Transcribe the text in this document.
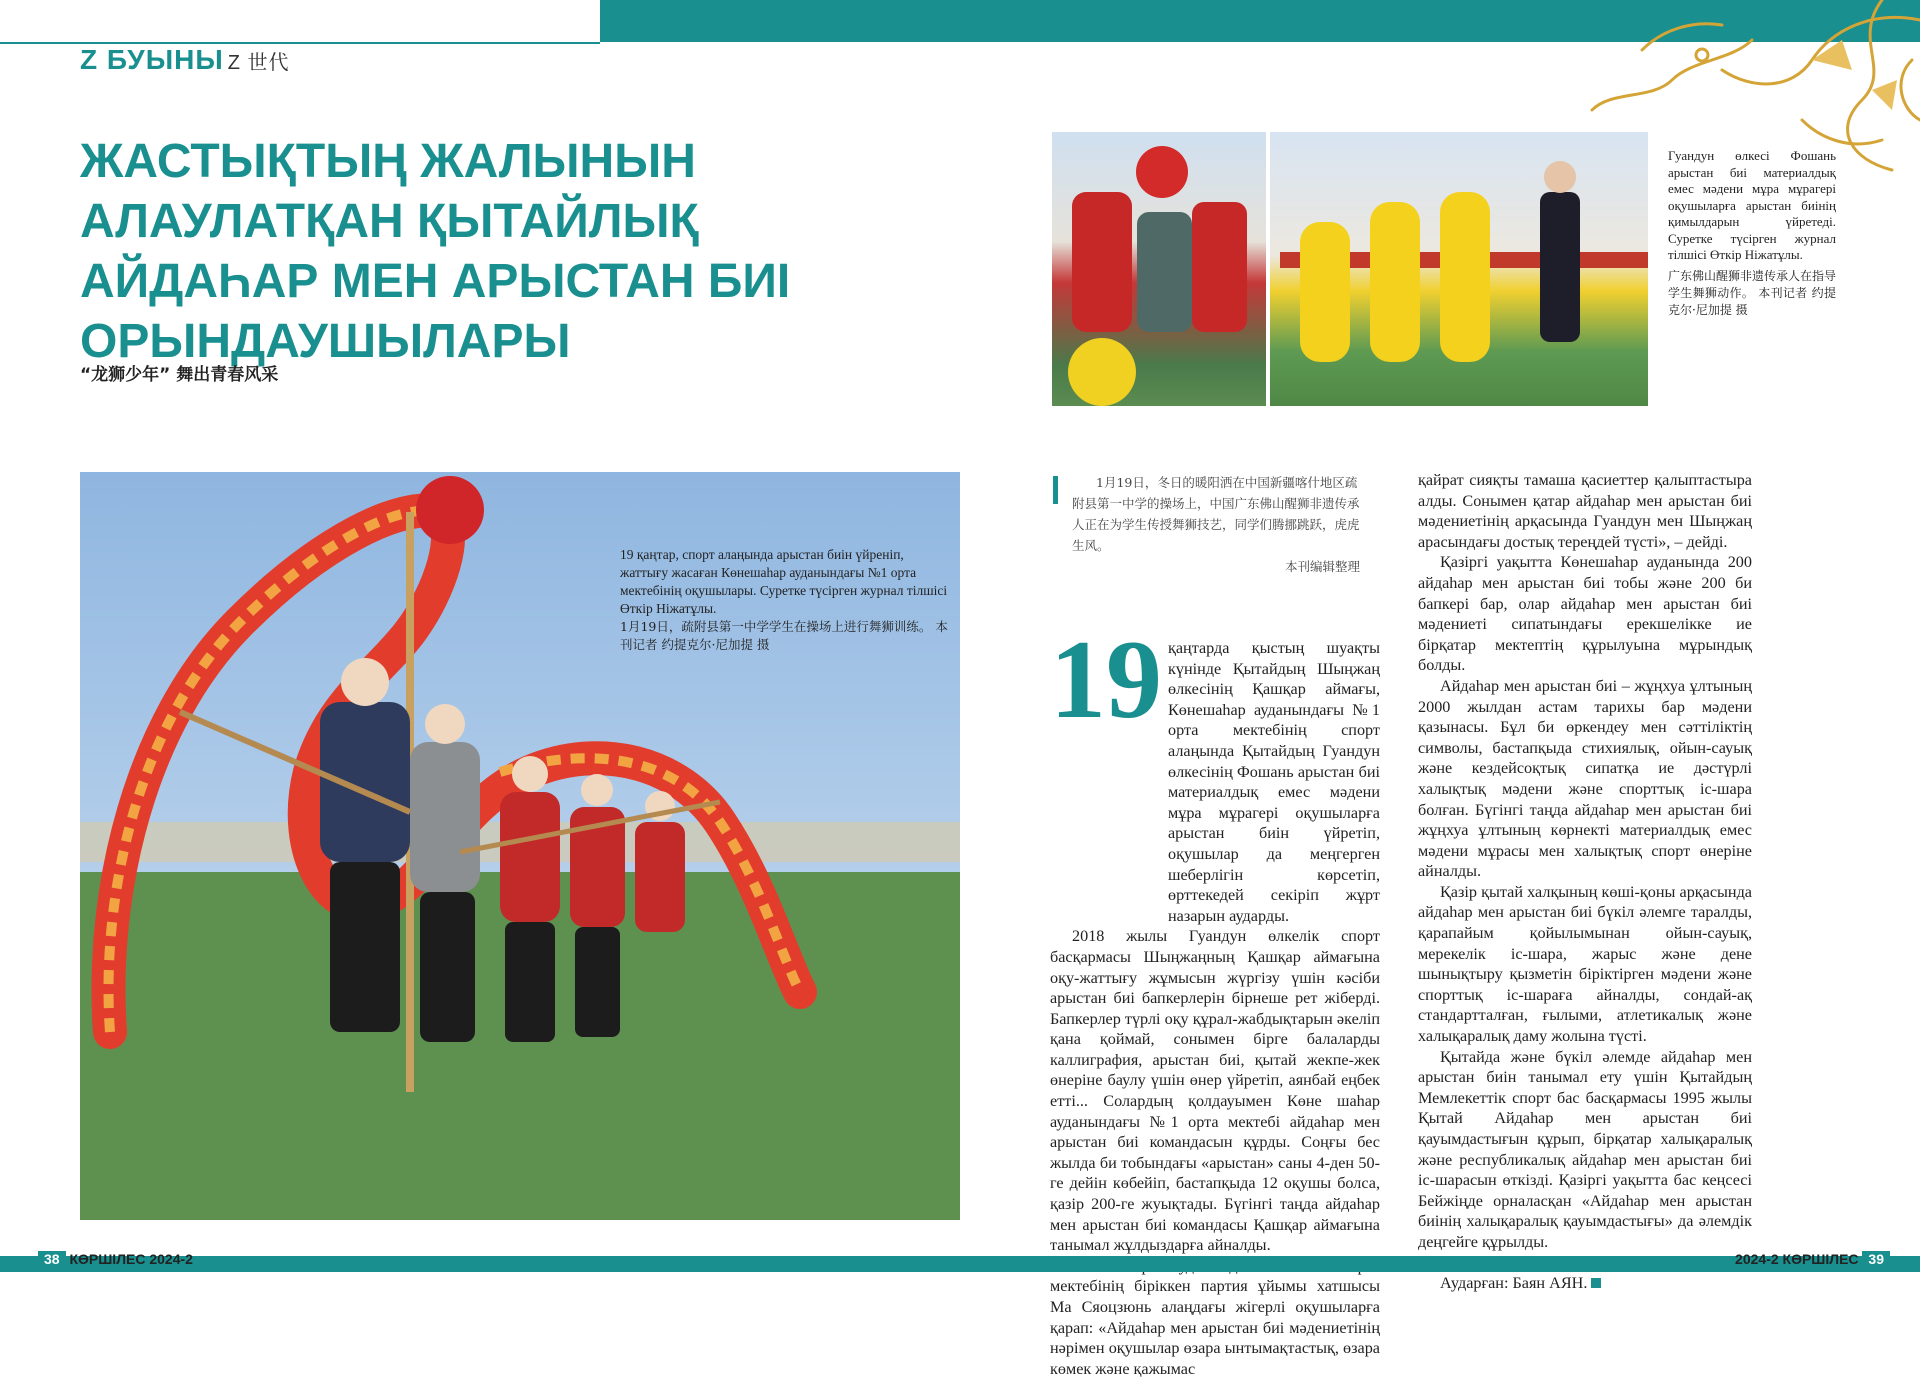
Z БУЫНЫ Z 世代
ЖАСТЫҚТЫҢ ЖАЛЫНЫН
АЛАУЛАТҚАН ҚЫТАЙЛЫҚ
АЙДАҺАР МЕН АРЫСТАН БИІ
ОРЫНДАУШЫЛАРЫ
“龙狮少年” 舞出青春风采
19 қаңтар, спорт алаңында арыстан биін үйреніп, жаттығу жасаған Көнешаһар ауданындағы №1 орта мектебінің оқушылары. Суретке түсірген журнал тілшісі Өткір Ніжатұлы.
1月19日，疏附县第一中学学生在操场上进行舞狮训练。 本刊记者 约提克尔·尼加提 摄
Гуандун өлкесі Фошань арыстан биі материалдық емес мәдени мұра мұрагері оқушыларға арыстан биінің қимылдарын үйретеді. Суретке түсірген журнал тілшісі Өткір Ніжатұлы.
广东佛山醒狮非遗传承人在指导学生舞狮动作。 本刊记者 约提克尔·尼加提 摄
1月19日，冬日的暖阳洒在中国新疆喀什地区疏附县第一中学的操场上，中国广东佛山醒狮非遗传承人正在为学生传授舞狮技艺，同学们腾挪跳跃，虎虎生风。
本刊编辑整理
19 қаңтарда қыстың шуақты күнінде Қытайдың Шыңжаң өлкесінің Қашқар аймағы, Көнешаһар ауданындағы №1 орта мектебінің спорт алаңында Қытайдың Гуандун өлкесінің Фошань арыстан биі материалдық емес мәдени мұра мұрагері оқушыларға арыстан биін үйретіп, оқушылар да меңгерген шеберлігін көрсетіп, өрттекедей секіріп жұрт назарын аударды.

2018 жылы Гуандун өлкелік спорт басқармасы Шыңжаңның Қашқар аймағына оқу-жаттығу жұмысын жүргізу үшін кәсіби арыстан биі бапкерлерін бірнеше рет жіберді. Бапкерлер түрлі оқу құрал-жабдықтарын әкеліп қана қоймай, сонымен бірге балаларды каллиграфия, арыстан биі, қытай жекпе-жек өнеріне баулу үшін өнер үйретіп, аянбай еңбек етті... Солардың қолдауымен Көне шаһар ауданындағы №1 орта мектебі айдаһар мен арыстан биі командасын құрды. Соңғы бес жылда би тобындағы «арыстан» саны 4-ден 50-ге дейін көбейіп, бастапқыда 12 оқушы болса, қазір 200-ге жуықтады. Бүгінгі таңда айдаһар мен арыстан биі командасы Қашқар аймағына танымал жұлдыздарға айналды.

мектебінің біріккен партия ұйымы хатшысы Ма Сяоцзюнь алаңдағы жігерлі оқушыларға қарап: «Айдаһар мен арыстан биі мәдениетінің нәрімен оқушылар өзара ынтымақтастық, өзара көмек және қажымас

қайрат сияқты тамаша қасиеттер қалыптастыра алды. Сонымен қатар айдаһар мен арыстан биі мәдениетінің арқасында Гуандун мен Шыңжаң арасындағы достық тереңдей түсті», – дейді.

Қазіргі уақытта Көнешаһар ауданында 200 айдаһар мен арыстан биі тобы және 200 би бапкері бар, олар айдаһар мен арыстан биі мәдениеті сипатындағы ерекшелікке ие бірқатар мектептің құрылуына мұрындық болды.

Айдаһар мен арыстан биі – жұңхуа ұлтының 2000 жылдан астам тарихы бар мәдени қазынасы. Бұл би өркендеу мен сәттіліктің символы, бастапқыда стихиялық, ойын-сауық және кездейсоқтық сипатқа ие дәстүрлі халықтық мәдени және спорттық іс-шара болған. Бүгінгі таңда айдаһар мен арыстан биі жұңхуа ұлтының көрнекті материалдық емес мәдени мұрасы мен халықтық спорт өнеріне айналды.

Қазір қытай халқының көші-қоны арқасында айдаһар мен арыстан биі бүкіл әлемге таралды, қарапайым қойылымынан ойын-сауық, мерекелік іс-шара, жарыс және дене шынықтыру қызметін біріктірген мәдени және спорттық іс-шараға айналды, сондай-ақ стандартталған, ғылыми, атлетикалық және халықаралық даму жолына түсті.

Қытайда және бүкіл әлемде айдаһар мен арыстан биін танымал ету үшін Қытайдың Мемлекеттік спорт бас басқармасы 1995 жылы Қытай Айдаһар мен арыстан биі қауымдастығын құрып, бірқатар халықаралық және республикалық айдаһар мен арыстан биі іс-шарасын өткізді. Қазіргі уақытта бас кеңсесі Бейжіңде орналасқан «Айдаһар мен арыстан биінің халықаралық қауымдастығы» да әлемдік деңгейге құрылды.

Аударған: Баян АЯН.

38 КӨРШІЛЕС 2024-2	2024-2 КӨРШІЛЕС 39
